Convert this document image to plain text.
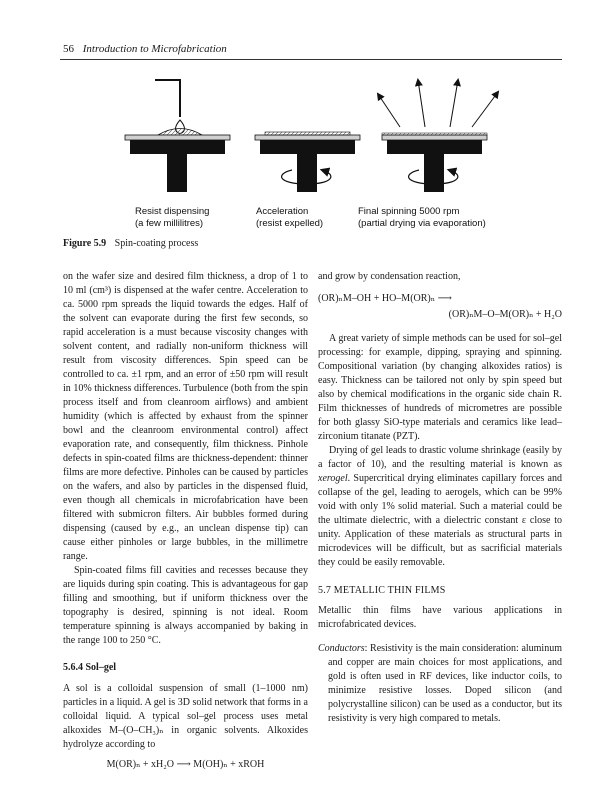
56 Introduction to Microfabrication
Resist dispensing
(a few millilitres)
Acceleration
(resist expelled)
Final spinning 5000 rpm
(partial drying via evaporation)
Figure 5.9 Spin-coating process

on the wafer size and desired film thickness, a drop of 1 to 10 ml (cm³) is dispensed at the wafer centre. Acceleration to ca. 5000 rpm spreads the liquid towards the edges. Half of the solvent can evaporate during the first few seconds, so rapid acceleration is a must because viscosity changes with solvent content, and radially non-uniform thickness will result from viscosity differences. Spin speed can be controlled to ca. ±1 rpm, and an error of ±50 rpm will result in 10% thickness differences. Turbulence (both from the spin process itself and from cleanroom airflows) and ambient humidity (which is affected by exhaust from the spinner bowl and the cleanroom environmental control) affect evaporation rate, and consequently, film thickness. Pinhole defects in spin-coated films are thickness-dependent: thinner films are more defective. Pinholes can be caused by particles on the wafers, and also by particles in the dispensed fluid, even though all chemicals in microfabrication have been filtered with submicron filters. Air bubbles formed during dispensing (caused by e.g., an unclean dispense tip) can cause either pinholes or large bubbles, in the millimetre range.

Spin-coated films fill cavities and recesses because they are liquids during spin coating. This is advantageous for gap filling and smoothing, but if uniform thickness over the topography is desired, spinning is not ideal. Room temperature spinning is always accompanied by baking in the range 100 to 250 °C.

5.6.4 Sol–gel

A sol is a colloidal suspension of small (1–1000 nm) particles in a liquid. A gel is 3D solid network that forms in a colloidal liquid. A typical sol–gel process uses metal alkoxides M–(O–CH₃)ₙ in organic solvents. Alkoxides hydrolyze according to

M(OR)ₙ + xH₂O ⟶ M(OH)ₙ + xROH

and grow by condensation reaction,

(OR)ₙM–OH + HO–M(OR)ₙ ⟶

(OR)ₙM–O–M(OR)ₙ + H₂O

A great variety of simple methods can be used for sol–gel processing: for example, dipping, spraying and spinning. Compositional variation (by changing alkoxides ratios) is easy. Thickness can be tailored not only by spin speed but also by chemical modifications in the organic side chain R. Film thicknesses of hundreds of micrometres are possible for both glassy SiO-type materials and ceramics like lead–zirconium titanate (PZT).

Drying of gel leads to drastic volume shrinkage (easily by a factor of 10), and the resulting material is known as xerogel. Supercritical drying eliminates capillary forces and collapse of the gel, leading to aerogels, which can be 99% void with only 1% solid material. Such a material could be the ultimate dielectric, with a dielectric constant ε close to unity. Application of these materials as structural parts in microdevices will be difficult, but as sacrificial materials they could be easily removable.

5.7 METALLIC THIN FILMS

Metallic thin films have various applications in microfabricated devices.

Conductors: Resistivity is the main consideration: aluminum and copper are main choices for most applications, and gold is often used in RF devices, like inductor coils, to minimize resistive losses. Doped silicon (and polycrystalline silicon) can be used as a conductor, but its resistivity is very high compared to metals.
